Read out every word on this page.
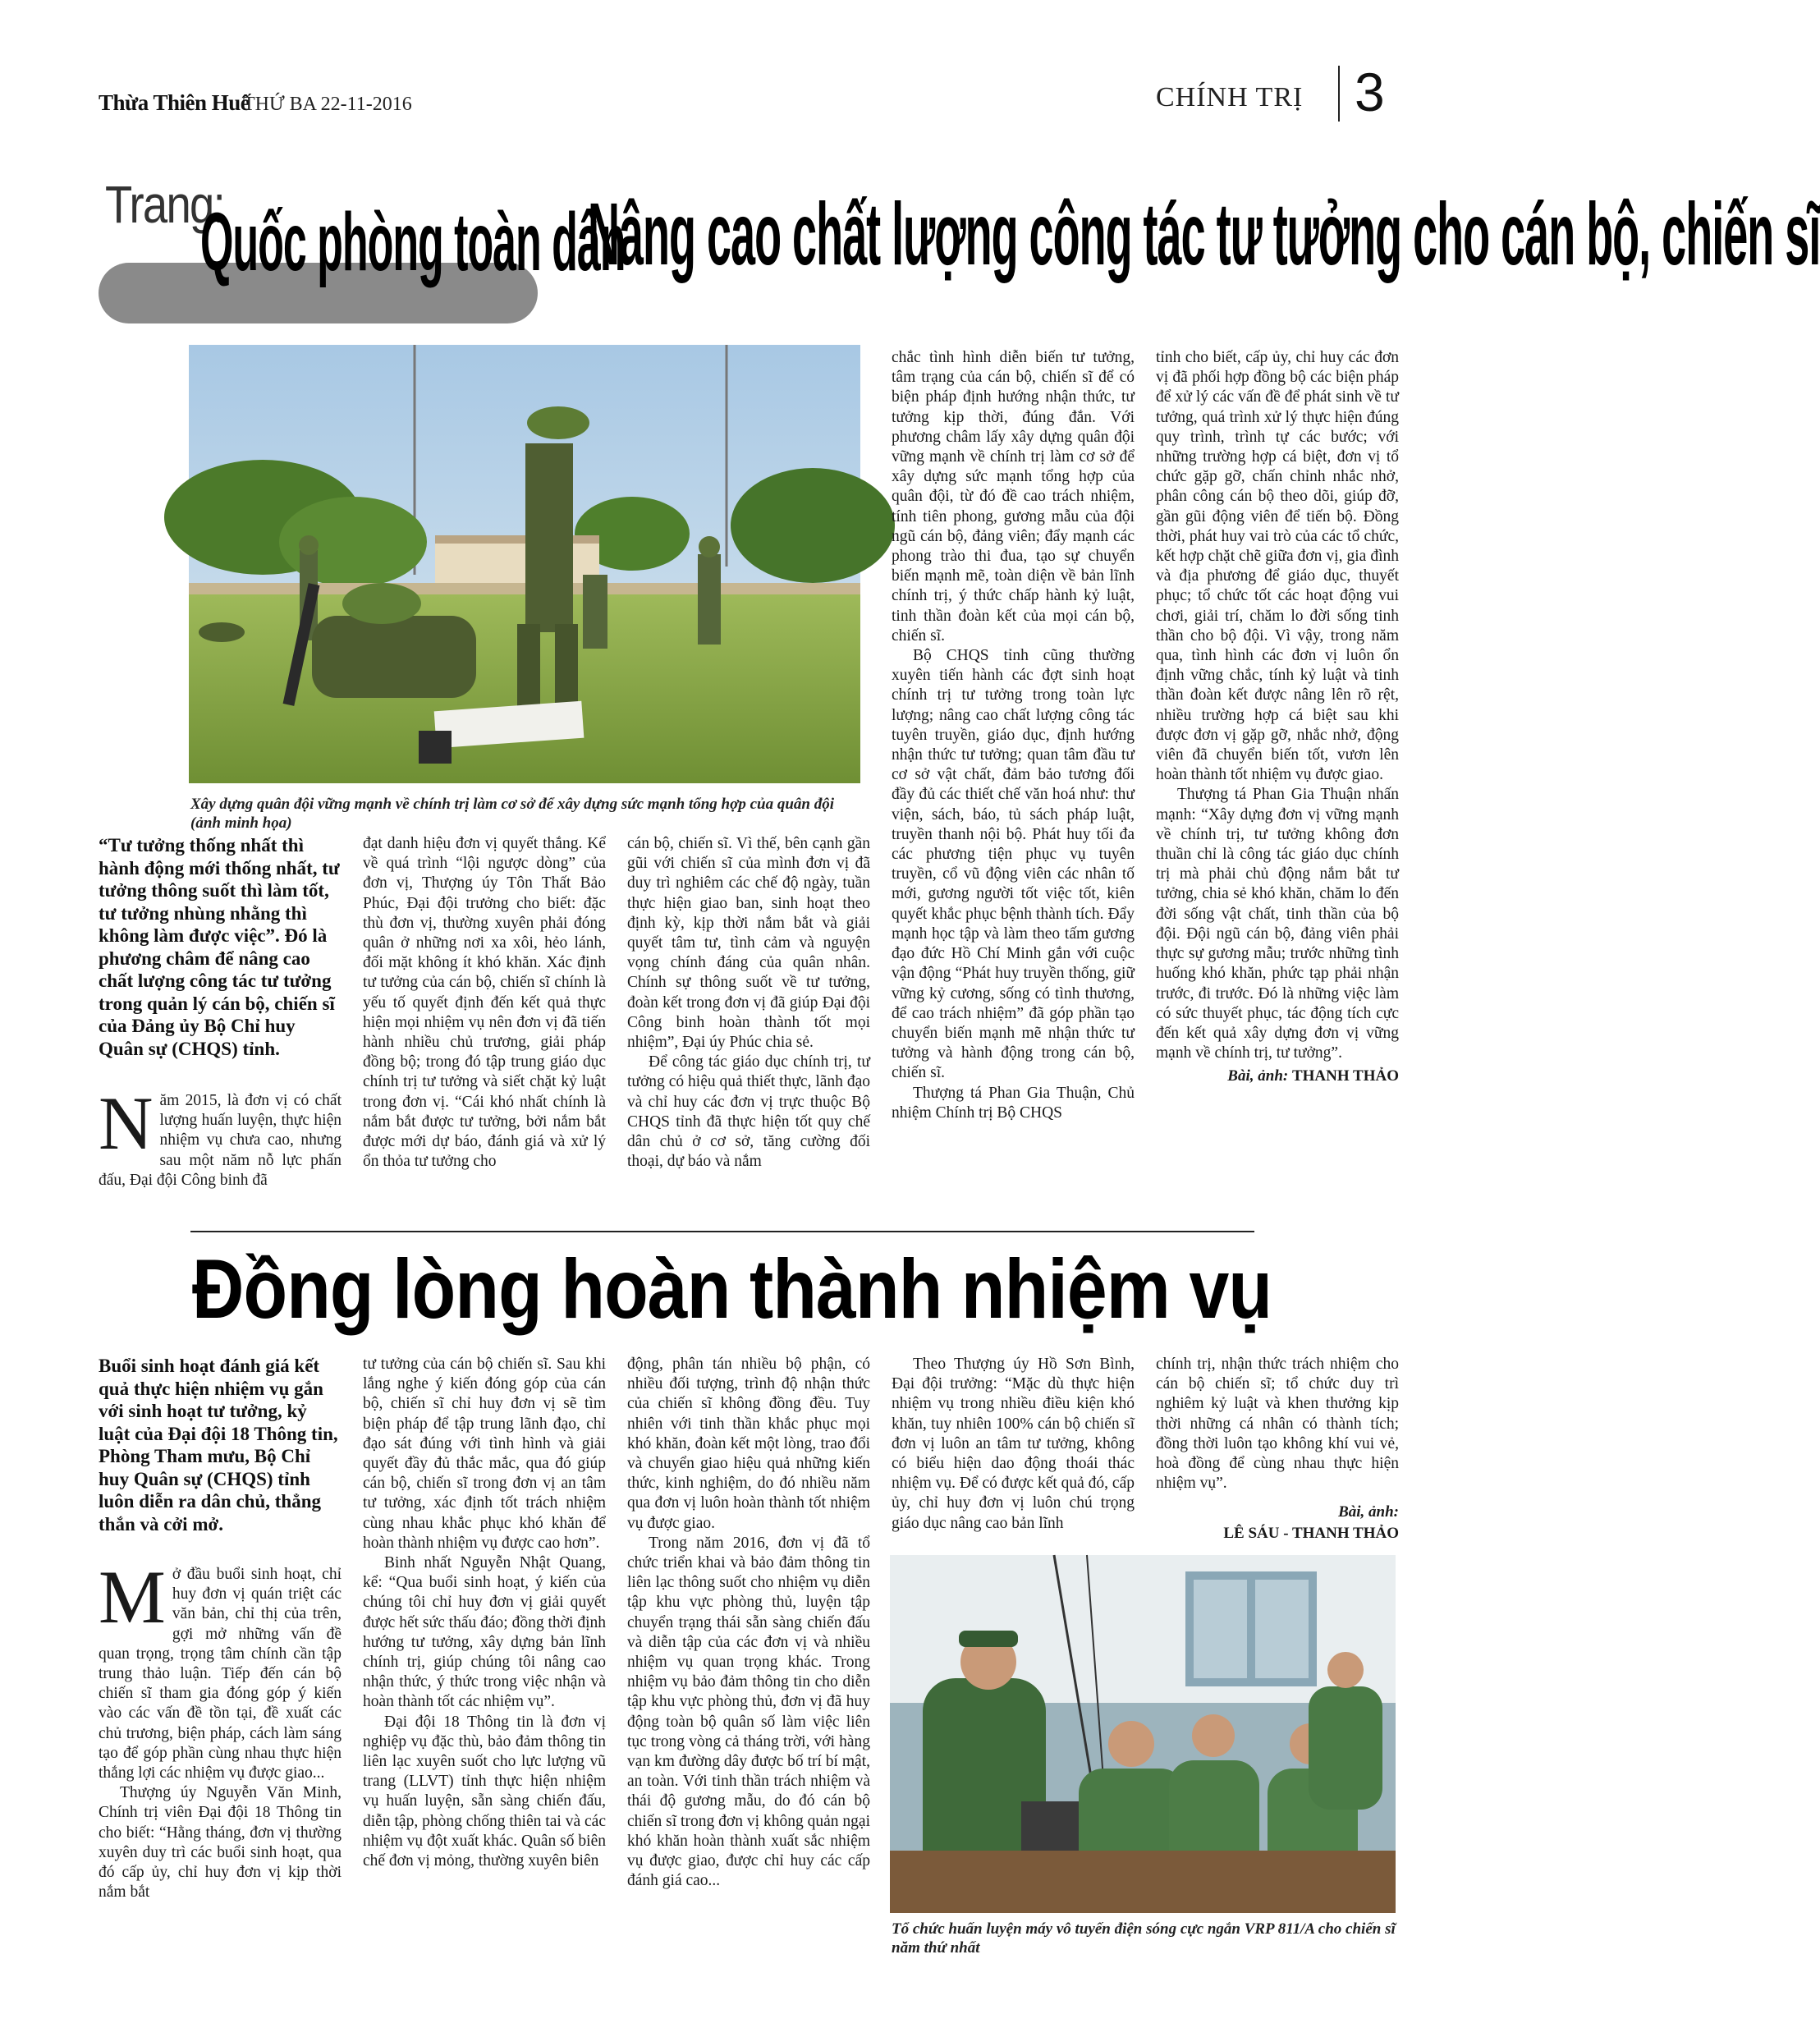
Thừa Thiên Huế
THỨ BA 22-11-2016	CHÍNH TRỊ 3
Trang:
Quốc phòng toàn dân
Nâng cao chất lượng công tác tư tưởng cho cán bộ, chiến sĩ
Xây dựng quân đội vững mạnh về chính trị làm cơ sở để xây dựng sức mạnh tổng hợp của quân đội (ảnh minh họa)
“Tư tưởng thống nhất thì hành động mới thống nhất, tư tưởng thông suốt thì làm tốt, tư tưởng nhùng nhằng thì không làm được việc”. Đó là phương châm để nâng cao chất lượng công tác tư tưởng trong quản lý cán bộ, chiến sĩ của Đảng ủy Bộ Chỉ huy Quân sự (CHQS) tỉnh.

Năm 2015, là đơn vị có chất lượng huấn luyện, thực hiện nhiệm vụ chưa cao, nhưng sau một năm nỗ lực phấn đấu, Đại đội Công binh đã

đạt danh hiệu đơn vị quyết thắng. Kể về quá trình “lội ngược dòng” của đơn vị, Thượng úy Tôn Thất Bảo Phúc, Đại đội trưởng cho biết: đặc thù đơn vị, thường xuyên phải đóng quân ở những nơi xa xôi, hẻo lánh, đối mặt không ít khó khăn. Xác định tư tưởng của cán bộ, chiến sĩ chính là yếu tố quyết định đến kết quả thực hiện mọi nhiệm vụ nên đơn vị đã tiến hành nhiều chủ trương, giải pháp đồng bộ; trong đó tập trung giáo dục chính trị tư tưởng và siết chặt kỷ luật trong đơn vị. “Cái khó nhất chính là nắm bắt được tư tưởng, bởi nắm bắt được mới dự báo, đánh giá và xử lý ổn thỏa tư tưởng cho

cán bộ, chiến sĩ. Vì thế, bên cạnh gần gũi với chiến sĩ của mình đơn vị đã duy trì nghiêm các chế độ ngày, tuần thực hiện giao ban, sinh hoạt theo định kỳ, kịp thời nắm bắt và giải quyết tâm tư, tình cảm và nguyện vọng chính đáng của quân nhân. Chính sự thông suốt về tư tưởng, đoàn kết trong đơn vị đã giúp Đại đội Công binh hoàn thành tốt mọi nhiệm”, Đại úy Phúc chia sẻ.

Để công tác giáo dục chính trị, tư tưởng có hiệu quả thiết thực, lãnh đạo và chỉ huy các đơn vị trực thuộc Bộ CHQS tỉnh đã thực hiện tốt quy chế dân chủ ở cơ sở, tăng cường đối thoại, dự báo và nắm

chắc tình hình diễn biến tư tưởng, tâm trạng của cán bộ, chiến sĩ để có biện pháp định hướng nhận thức, tư tưởng kịp thời, đúng đắn. Với phương châm lấy xây dựng quân đội vững mạnh về chính trị làm cơ sở để xây dựng sức mạnh tổng hợp của quân đội, từ đó đề cao trách nhiệm, tính tiên phong, gương mẫu của đội ngũ cán bộ, đảng viên; đẩy mạnh các phong trào thi đua, tạo sự chuyển biến mạnh mẽ, toàn diện về bản lĩnh chính trị, ý thức chấp hành kỷ luật, tinh thần đoàn kết của mọi cán bộ, chiến sĩ.

Bộ CHQS tỉnh cũng thường xuyên tiến hành các đợt sinh hoạt chính trị tư tưởng trong toàn lực lượng; nâng cao chất lượng công tác tuyên truyền, giáo dục, định hướng nhận thức tư tưởng; quan tâm đầu tư cơ sở vật chất, đảm bảo tương đối đầy đủ các thiết chế văn hoá như: thư viện, sách, báo, tủ sách pháp luật, truyền thanh nội bộ. Phát huy tối đa các phương tiện phục vụ tuyên truyền, cổ vũ động viên các nhân tố mới, gương người tốt việc tốt, kiên quyết khắc phục bệnh thành tích. Đẩy mạnh học tập và làm theo tấm gương đạo đức Hồ Chí Minh gắn với cuộc vận động “Phát huy truyền thống, giữ vững kỷ cương, sống có tình thương, để cao trách nhiệm” đã góp phần tạo chuyển biến mạnh mẽ nhận thức tư tưởng và hành động trong cán bộ, chiến sĩ.

Thượng tá Phan Gia Thuận, Chủ nhiệm Chính trị Bộ CHQS

tỉnh cho biết, cấp ủy, chỉ huy các đơn vị đã phối hợp đồng bộ các biện pháp để xử lý các vấn đề để phát sinh về tư tưởng, quá trình xử lý thực hiện đúng quy trình, trình tự các bước; với những trường hợp cá biệt, đơn vị tổ chức gặp gỡ, chấn chỉnh nhắc nhở, phân công cán bộ theo dõi, giúp đỡ, gần gũi động viên để tiến bộ. Đồng thời, phát huy vai trò của các tổ chức, kết hợp chặt chẽ giữa đơn vị, gia đình và địa phương để giáo dục, thuyết phục; tổ chức tốt các hoạt động vui chơi, giải trí, chăm lo đời sống tinh thần cho bộ đội. Vì vậy, trong năm qua, tình hình các đơn vị luôn ổn định vững chắc, tính kỷ luật và tinh thần đoàn kết được nâng lên rõ rệt, nhiều trường hợp cá biệt sau khi được đơn vị gặp gỡ, nhắc nhở, động viên đã chuyển biến tốt, vươn lên hoàn thành tốt nhiệm vụ được giao.

Thượng tá Phan Gia Thuận nhấn mạnh: “Xây dựng đơn vị vững mạnh về chính trị, tư tưởng không đơn thuần chỉ là công tác giáo dục chính trị mà phải chủ động nắm bắt tư tưởng, chia sẻ khó khăn, chăm lo đến đời sống vật chất, tinh thần của bộ đội. Đội ngũ cán bộ, đảng viên phải thực sự gương mẫu; trước những tình huống khó khăn, phức tạp phải nhận trước, đi trước. Đó là những việc làm có sức thuyết phục, tác động tích cực đến kết quả xây dựng đơn vị vững mạnh về chính trị, tư tưởng”.

Bài, ảnh: THANH THẢO
Đồng lòng hoàn thành nhiệm vụ
Buổi sinh hoạt đánh giá kết quả thực hiện nhiệm vụ gắn với sinh hoạt tư tưởng, kỷ luật của Đại đội 18 Thông tin, Phòng Tham mưu, Bộ Chỉ huy Quân sự (CHQS) tỉnh luôn diễn ra dân chủ, thẳng thắn và cởi mở.

Mở đầu buổi sinh hoạt, chỉ huy đơn vị quán triệt các văn bản, chỉ thị của trên, gợi mở những vấn đề quan trọng, trọng tâm chính cần tập trung thảo luận. Tiếp đến cán bộ chiến sĩ tham gia đóng góp ý kiến vào các vấn đề tồn tại, đề xuất các chủ trương, biện pháp, cách làm sáng tạo để góp phần cùng nhau thực hiện thắng lợi các nhiệm vụ được giao...

Thượng úy Nguyễn Văn Minh, Chính trị viên Đại đội 18 Thông tin cho biết: “Hằng tháng, đơn vị thường xuyên duy trì các buổi sinh hoạt, qua đó cấp ủy, chỉ huy đơn vị kịp thời nắm bắt

tư tưởng của cán bộ chiến sĩ. Sau khi lắng nghe ý kiến đóng góp của cán bộ, chiến sĩ chỉ huy đơn vị sẽ tìm biện pháp để tập trung lãnh đạo, chỉ đạo sát đúng với tình hình và giải quyết đầy đủ thắc mắc, qua đó giúp cán bộ, chiến sĩ trong đơn vị an tâm tư tưởng, xác định tốt trách nhiệm cùng nhau khắc phục khó khăn để hoàn thành nhiệm vụ được cao hơn”.

Binh nhất Nguyễn Nhật Quang, kể: “Qua buổi sinh hoạt, ý kiến của chúng tôi chỉ huy đơn vị giải quyết được hết sức thấu đáo; đồng thời định hướng tư tưởng, xây dựng bản lĩnh chính trị, giúp chúng tôi nâng cao nhận thức, ý thức trong việc nhận và hoàn thành tốt các nhiệm vụ”.

Đại đội 18 Thông tin là đơn vị nghiệp vụ đặc thù, bảo đảm thông tin liên lạc xuyên suốt cho lực lượng vũ trang (LLVT) tỉnh thực hiện nhiệm vụ huấn luyện, sẵn sàng chiến đấu, diễn tập, phòng chống thiên tai và các nhiệm vụ đột xuất khác. Quân số biên chế đơn vị mỏng, thường xuyên biên

động, phân tán nhiều bộ phận, có nhiều đối tượng, trình độ nhận thức của chiến sĩ không đồng đều. Tuy nhiên với tinh thần khắc phục mọi khó khăn, đoàn kết một lòng, trao đổi và chuyển giao hiệu quả những kiến thức, kinh nghiệm, do đó nhiều năm qua đơn vị luôn hoàn thành tốt nhiệm vụ được giao.

Trong năm 2016, đơn vị đã tổ chức triển khai và bảo đảm thông tin liên lạc thông suốt cho nhiệm vụ diễn tập khu vực phòng thủ, luyện tập chuyển trạng thái sẵn sàng chiến đấu và diễn tập của các đơn vị và nhiều nhiệm vụ quan trọng khác. Trong nhiệm vụ bảo đảm thông tin cho diễn tập khu vực phòng thủ, đơn vị đã huy động toàn bộ quân số làm việc liên tục trong vòng cả tháng trời, với hàng vạn km đường dây được bố trí bí mật, an toàn. Với tinh thần trách nhiệm và thái độ gương mẫu, do đó cán bộ chiến sĩ trong đơn vị không quản ngại khó khăn hoàn thành xuất sắc nhiệm vụ được giao, được chỉ huy các cấp đánh giá cao...

Theo Thượng úy Hồ Sơn Bình, Đại đội trưởng: “Mặc dù thực hiện nhiệm vụ trong nhiều điều kiện khó khăn, tuy nhiên 100% cán bộ chiến sĩ đơn vị luôn an tâm tư tưởng, không có biểu hiện dao động thoái thác nhiệm vụ. Để có được kết quả đó, cấp ủy, chỉ huy đơn vị luôn chú trọng giáo dục nâng cao bản lĩnh

chính trị, nhận thức trách nhiệm cho cán bộ chiến sĩ; tổ chức duy trì nghiêm kỷ luật và khen thưởng kịp thời những cá nhân có thành tích; đồng thời luôn tạo không khí vui vẻ, hoà đồng để cùng nhau thực hiện nhiệm vụ”.

Bài, ảnh:
LÊ SÁU - THANH THẢO
Tổ chức huấn luyện máy vô tuyến điện sóng cực ngắn VRP 811/A cho chiến sĩ năm thứ nhất
